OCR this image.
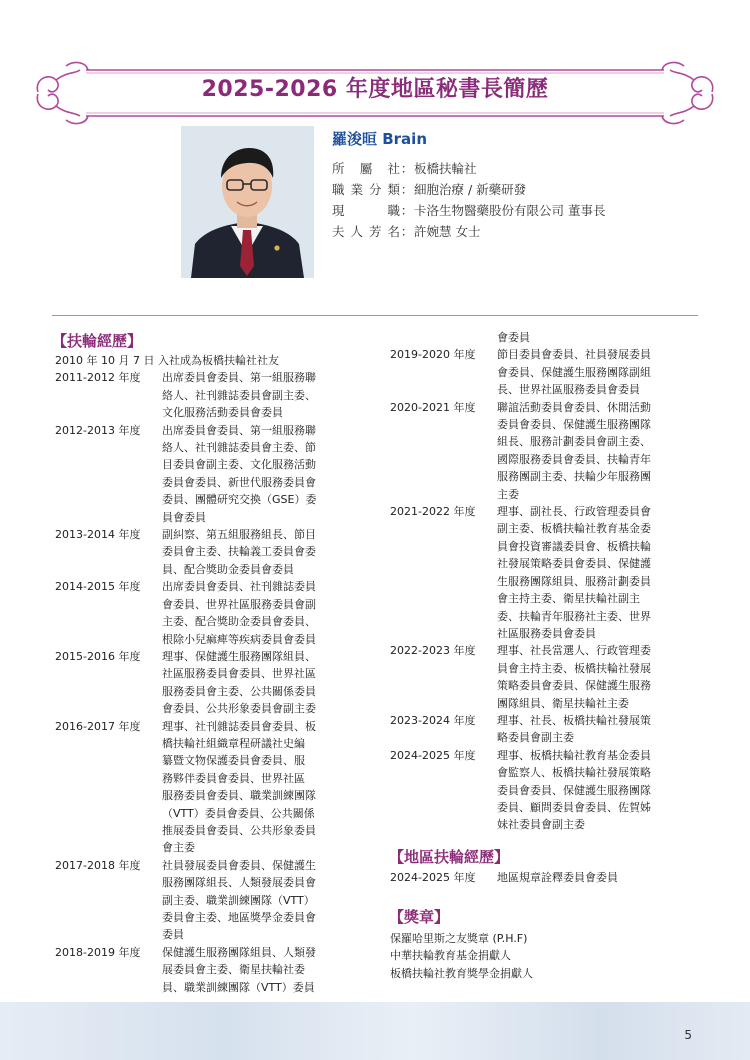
2025-2026 年度地區秘書長簡歷
羅浚晅 Brain
所屬社：板橋扶輪社
職業分類：細胞治療 / 新藥研發
現職：卡洛生物醫藥股份有限公司 董事長
夫人芳名：許婉慧 女士
【扶輪經歷】
2010 年 10 月 7 日 入社成為板橋扶輪社社友
2011-2012 年度	出席委員會委員、第一組服務聯
絡人、社刊雜誌委員會副主委、
文化服務活動委員會委員
2012-2013 年度	出席委員會委員、第一組服務聯
絡人、社刊雜誌委員會主委、節
目委員會副主委、文化服務活動
委員會委員、新世代服務委員會
委員、團體研究交換（GSE）委
員會委員
2013-2014 年度	副糾察、第五組服務組長、節目
委員會主委、扶輪義工委員會委
員、配合獎助金委員會委員
2014-2015 年度	出席委員會委員、社刊雜誌委員
會委員、世界社區服務委員會副
主委、配合獎助金委員會委員、
根除小兒痲痺等疾病委員會委員
2015-2016 年度	理事、保健護生服務團隊組員、
社區服務委員會委員、世界社區
服務委員會主委、公共關係委員
會委員、公共形象委員會副主委
2016-2017 年度	理事、社刊雜誌委員會委員、板
橋扶輪社組織章程研議社史編
纂暨文物保護委員會委員、服
務夥伴委員會委員、世界社區
服務委員會委員、職業訓練團隊
（VTT）委員會委員、公共關係
推展委員會委員、公共形象委員
會主委
2017-2018 年度	社員發展委員會委員、保健護生
服務團隊組長、人類發展委員會
副主委、職業訓練團隊（VTT）
委員會主委、地區獎學金委員會
委員
2018-2019 年度	保健護生服務團隊組員、人類發
展委員會主委、衛星扶輪社委
員、職業訓練團隊（VTT）委員
會委員
2019-2020 年度	節目委員會委員、社員發展委員
會委員、保健護生服務團隊副組
長、世界社區服務委員會委員
2020-2021 年度	聯誼活動委員會委員、休閒活動
委員會委員、保健護生服務團隊
組長、服務計劃委員會副主委、
國際服務委員會委員、扶輪青年
服務團副主委、扶輪少年服務團
主委
2021-2022 年度	理事、副社長、行政管理委員會
副主委、板橋扶輪社教育基金委
員會投資審議委員會、板橋扶輪
社發展策略委員會委員、保健護
生服務團隊組員、服務計劃委員
會主持主委、衛星扶輪社副主
委、扶輪青年服務社主委、世界
社區服務委員會委員
2022-2023 年度	理事、社長當選人、行政管理委
員會主持主委、板橋扶輪社發展
策略委員會委員、保健護生服務
團隊組員、衛星扶輪社主委
2023-2024 年度	理事、社長、板橋扶輪社發展策
略委員會副主委
2024-2025 年度	理事、板橋扶輪社教育基金委員
會監察人、板橋扶輪社發展策略
委員會委員、保健護生服務團隊
委員、顧問委員會委員、佐賀姊
妹社委員會副主委
【地區扶輪經歷】
2024-2025 年度	地區規章詮釋委員會委員
【獎章】
保羅哈里斯之友獎章 (P.H.F)
中華扶輪教育基金捐獻人
板橋扶輪社教育獎學金捐獻人
5
